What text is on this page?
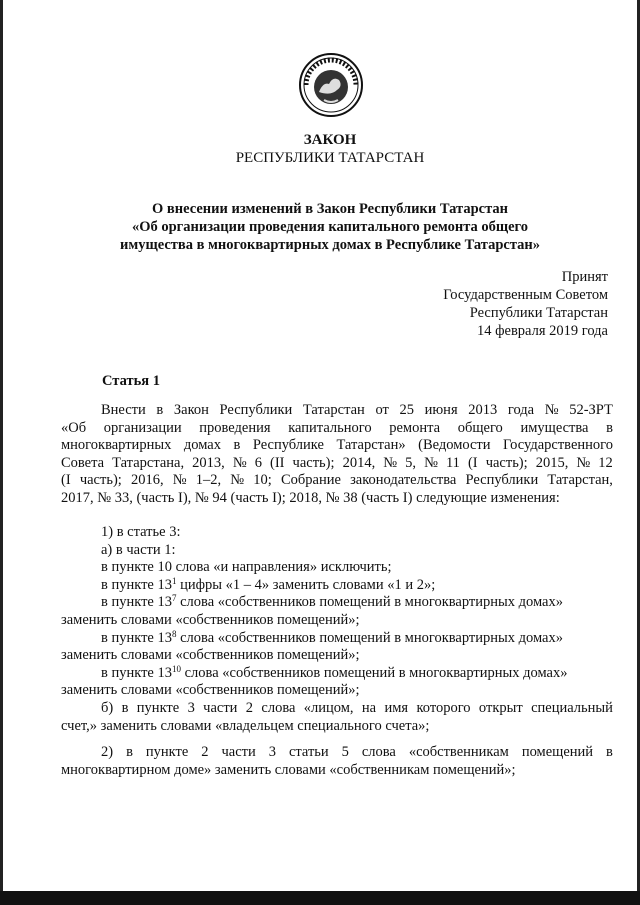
ЗАКОН
РЕСПУБЛИКИ ТАТАРСТАН
О внесении изменений в Закон Республики Татарстан
«Об организации проведения капитального ремонта общего
имущества в многоквартирных домах в Республике Татарстан»
Принят
Государственным Советом
Республики Татарстан
14 февраля 2019 года
Статья 1
Внести в Закон Республики Татарстан от 25 июня 2013 года № 52-ЗРТ
«Об организации проведения капитального ремонта общего имущества в
многоквартирных домах в Республике Татарстан» (Ведомости Государственного
Совета Татарстана, 2013, № 6 (II часть); 2014, № 5, № 11 (I часть); 2015, № 12
(I часть); 2016, № 1–2, № 10; Собрание законодательства Республики Татарстан,
2017, № 33, (часть I), № 94 (часть I); 2018, № 38 (часть I) следующие изменения:
1) в статье 3:
а) в части 1:
в пункте 10 слова «и направления» исключить;
в пункте $13^1$ цифры «1 – 4» заменить словами «1 и 2»;
в пункте $13^7$ слова «собственников помещений в многоквартирных домах»
заменить словами «собственников помещений»;
в пункте $13^8$ слова «собственников помещений в многоквартирных домах»
заменить словами «собственников помещений»;
в пункте $13^{10}$ слова «собственников помещений в многоквартирных домах»
заменить словами «собственников помещений»;
б) в пункте 3 части 2 слова «лицом, на имя которого открыт специальный
счет,» заменить словами «владельцем специального счета»;
2) в пункте 2 части 3 статьи 5 слова «собственникам помещений в
многоквартирном доме» заменить словами «собственникам помещений»;
